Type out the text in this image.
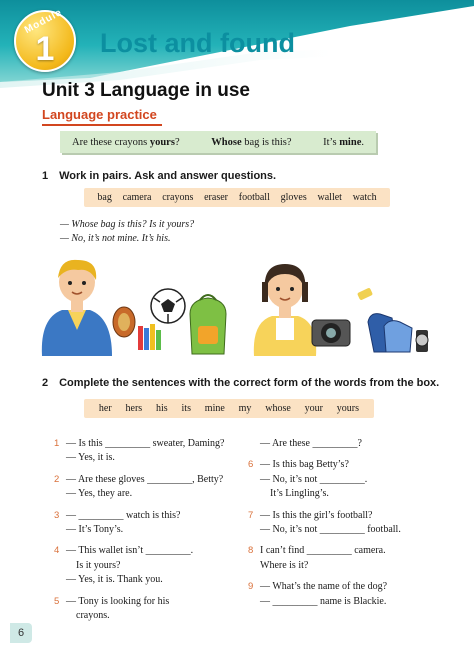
Module
1	Lost and found
Unit 3 Language in use
Language practice
Are these crayons yours?	Whose bag is this?	It’s mine.
1 Work in pairs. Ask and answer questions.
bag camera crayons eraser football gloves wallet watch
— Whose bag is this? Is it yours?
— No, it’s not mine. It’s his.
2 Complete the sentences with the correct form of the words from the box.
her hers his its mine my whose your yours
1 — Is this _________ sweater, Daming?
— Yes, it is.
2 — Are these gloves _________, Betty?
— Yes, they are.
3 — _________ watch is this?
— It’s Tony’s.
4 — This wallet isn’t _________.
Is it yours?
— Yes, it is. Thank you.
5 — Tony is looking for his
crayons.
— Are these _________?
6 — Is this bag Betty’s?
— No, it’s not _________.
It’s Lingling’s.
7 — Is this the girl’s football?
— No, it’s not _________ football.
8 I can’t find _________ camera.
Where is it?
9 — What’s the name of the dog?
— _________ name is Blackie.
6
